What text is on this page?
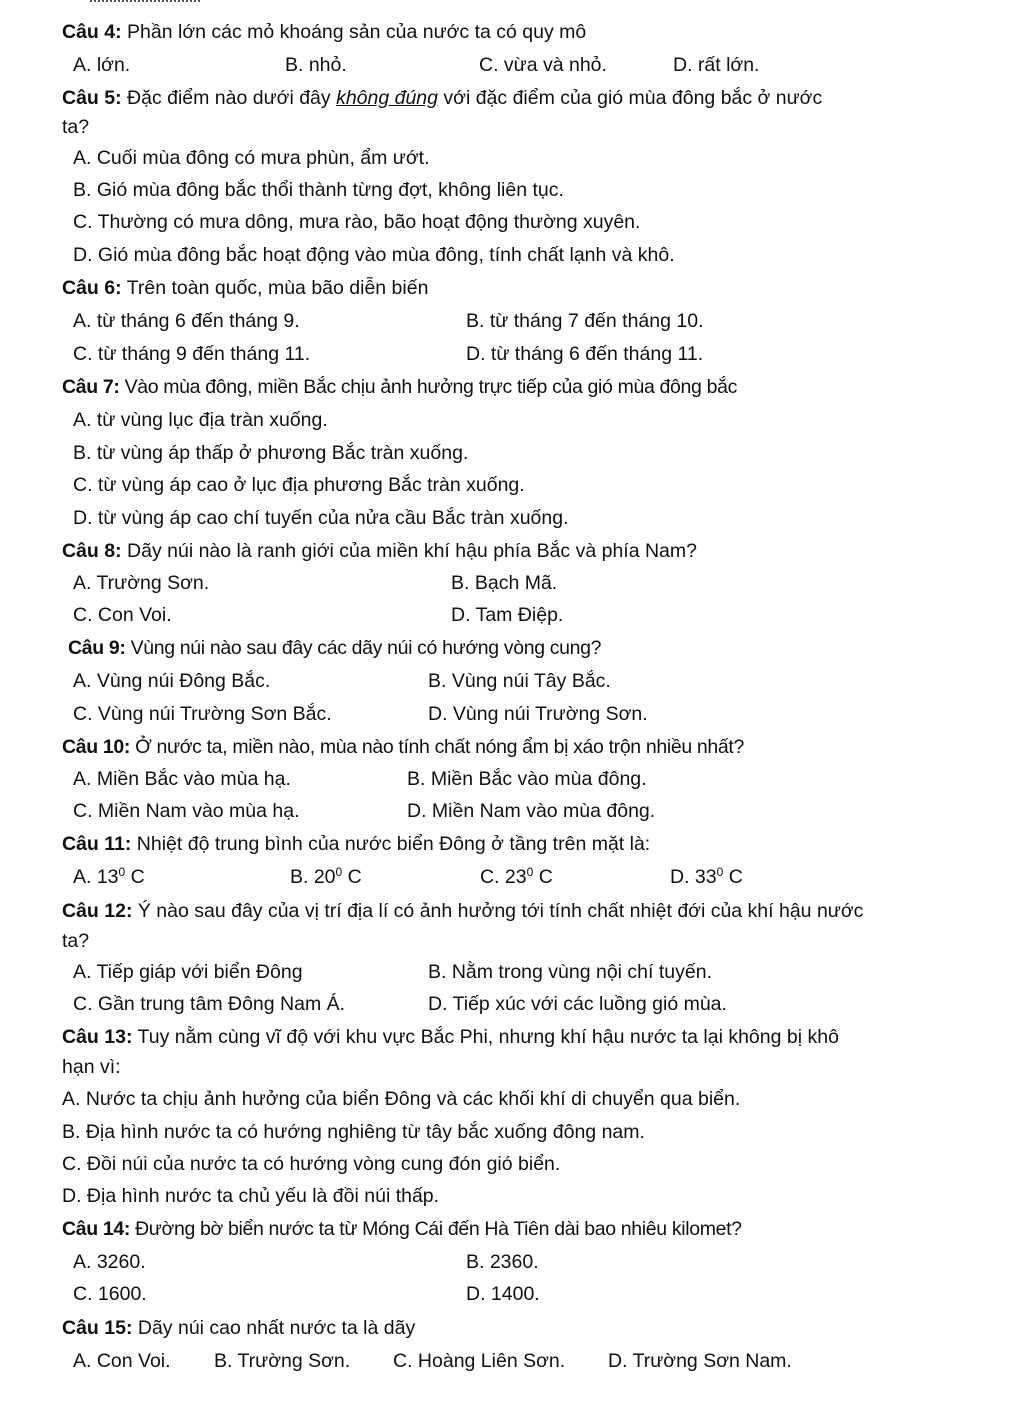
Câu 4: Phần lớn các mỏ khoáng sản của nước ta có quy mô
A. lớn.	B. nhỏ.	C. vừa và nhỏ.	D. rất lớn.
Câu 5: Đặc điểm nào dưới đây không đúng với đặc điểm của gió mùa đông bắc ở nước
ta?
A. Cuối mùa đông có mưa phùn, ẩm ướt.
B. Gió mùa đông bắc thổi thành từng đợt, không liên tục.
C. Thường có mưa dông, mưa rào, bão hoạt động thường xuyên.
D. Gió mùa đông bắc hoạt động vào mùa đông, tính chất lạnh và khô.
Câu 6: Trên toàn quốc, mùa bão diễn biến
A. từ tháng 6 đến tháng 9.	B. từ tháng 7 đến tháng 10.
C. từ tháng 9 đến tháng 11.	D. từ tháng 6 đến tháng 11.
Câu 7: Vào mùa đông, miền Bắc chịu ảnh hưởng trực tiếp của gió mùa đông bắc
A. từ vùng lục địa tràn xuống.
B. từ vùng áp thấp ở phương Bắc tràn xuống.
C. từ vùng áp cao ở lục địa phương Bắc tràn xuống.
D. từ vùng áp cao chí tuyến của nửa cầu Bắc tràn xuống.
Câu 8: Dãy núi nào là ranh giới của miền khí hậu phía Bắc và phía Nam?
A. Trường Sơn.	B. Bạch Mã.
C. Con Voi.	D. Tam Điệp.
Câu 9: Vùng núi nào sau đây các dãy núi có hướng vòng cung?
A. Vùng núi Đông Bắc.	B. Vùng núi Tây Bắc.
C. Vùng núi Trường Sơn Bắc.	D. Vùng núi Trường Sơn.
Câu 10: Ở nước ta, miền nào, mùa nào tính chất nóng ẩm bị xáo trộn nhiều nhất?
A. Miền Bắc vào mùa hạ.	B. Miền Bắc vào mùa đông.
C. Miền Nam vào mùa hạ.	D. Miền Nam vào mùa đông.
Câu 11: Nhiệt độ trung bình của nước biển Đông ở tầng trên mặt là:
A. $13^0$ C	B. $20^0$ C	C. $23^0$ C	D. $33^0$ C
Câu 12: Ý nào sau đây của vị trí địa lí có ảnh hưởng tới tính chất nhiệt đới của khí hậu nước
ta?
A. Tiếp giáp với biển Đông	B. Nằm trong vùng nội chí tuyến.
C. Gần trung tâm Đông Nam Á.	D. Tiếp xúc với các luồng gió mùa.
Câu 13: Tuy nằm cùng vĩ độ với khu vực Bắc Phi, nhưng khí hậu nước ta lại không bị khô
hạn vì:
A. Nước ta chịu ảnh hưởng của biển Đông và các khối khí di chuyển qua biển.
B. Địa hình nước ta có hướng nghiêng từ tây bắc xuống đông nam.
C. Đồi núi của nước ta có hướng vòng cung đón gió biển.
D. Địa hình nước ta chủ yếu là đồi núi thấp.
Câu 14: Đường bờ biển nước ta từ Móng Cái đến Hà Tiên dài bao nhiêu kilomet?
A. 3260.	B. 2360.
C. 1600.	D. 1400.
Câu 15: Dãy núi cao nhất nước ta là dãy
A. Con Voi. B. Trường Sơn. C. Hoàng Liên Sơn. D. Trường Sơn Nam.
